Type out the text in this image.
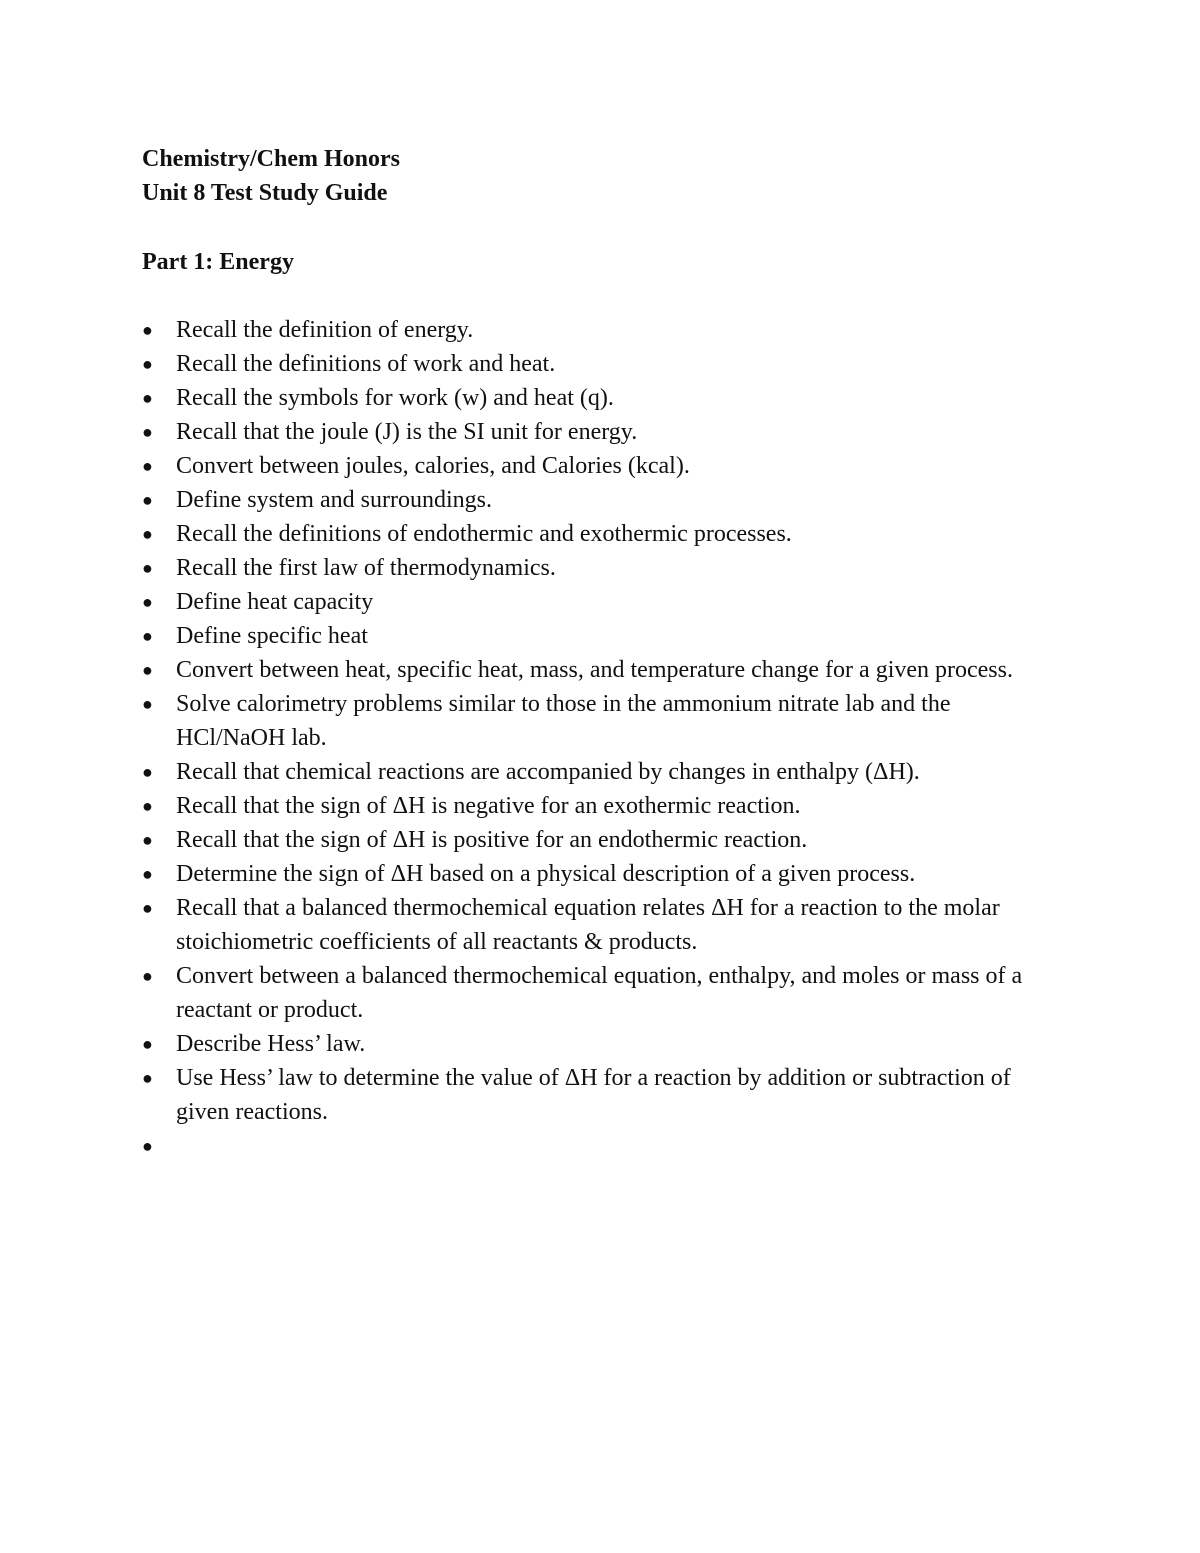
Chemistry/Chem Honors
Unit 8 Test Study Guide
Part 1: Energy
● Recall the definition of energy.
● Recall the definitions of work and heat.
● Recall the symbols for work (w) and heat (q).
● Recall that the joule (J) is the SI unit for energy.
● Convert between joules, calories, and Calories (kcal).
● Define system and surroundings.
● Recall the definitions of endothermic and exothermic processes.
● Recall the first law of thermodynamics.
● Define heat capacity
● Define specific heat
● Convert between heat, specific heat, mass, and temperature change for a given process.
● Solve calorimetry problems similar to those in the ammonium nitrate lab and the HCl/NaOH lab.
● Recall that chemical reactions are accompanied by changes in enthalpy (ΔH).
● Recall that the sign of ΔH is negative for an exothermic reaction.
● Recall that the sign of ΔH is positive for an endothermic reaction.
● Determine the sign of ΔH based on a physical description of a given process.
● Recall that a balanced thermochemical equation relates ΔH for a reaction to the molar stoichiometric coefficients of all reactants & products.
● Convert between a balanced thermochemical equation, enthalpy, and moles or mass of a reactant or product.
● Describe Hess’ law.
● Use Hess’ law to determine the value of ΔH for a reaction by addition or subtraction of given reactions.
●
